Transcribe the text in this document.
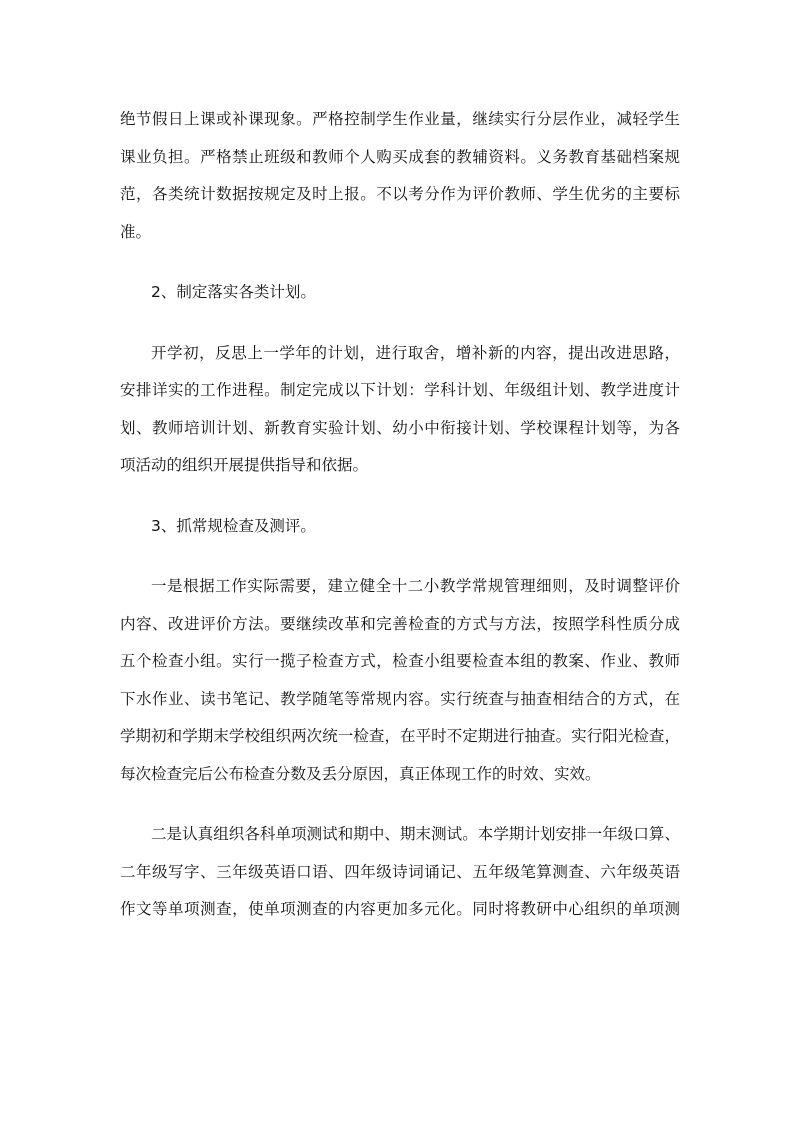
绝节假日上课或补课现象。严格控制学生作业量，继续实行分层作业，减轻学生
课业负担。严格禁止班级和教师个人购买成套的教辅资料。义务教育基础档案规
范，各类统计数据按规定及时上报。不以考分作为评价教师、学生优劣的主要标
准。
2、制定落实各类计划。
开学初，反思上一学年的计划，进行取舍，增补新的内容，提出改进思路，
安排详实的工作进程。制定完成以下计划：学科计划、年级组计划、教学进度计
划、教师培训计划、新教育实验计划、幼小中衔接计划、学校课程计划等，为各
项活动的组织开展提供指导和依据。
3、抓常规检查及测评。
一是根据工作实际需要，建立健全十二小教学常规管理细则，及时调整评价
内容、改进评价方法。要继续改革和完善检查的方式与方法，按照学科性质分成
五个检查小组。实行一揽子检查方式，检查小组要检查本组的教案、作业、教师
下水作业、读书笔记、教学随笔等常规内容。实行统查与抽查相结合的方式，在
学期初和学期末学校组织两次统一检查，在平时不定期进行抽查。实行阳光检查，
每次检查完后公布检查分数及丢分原因，真正体现工作的时效、实效。
二是认真组织各科单项测试和期中、期末测试。本学期计划安排一年级口算、
二年级写字、三年级英语口语、四年级诗词诵记、五年级笔算测查、六年级英语
作文等单项测查，使单项测查的内容更加多元化。同时将教研中心组织的单项测
